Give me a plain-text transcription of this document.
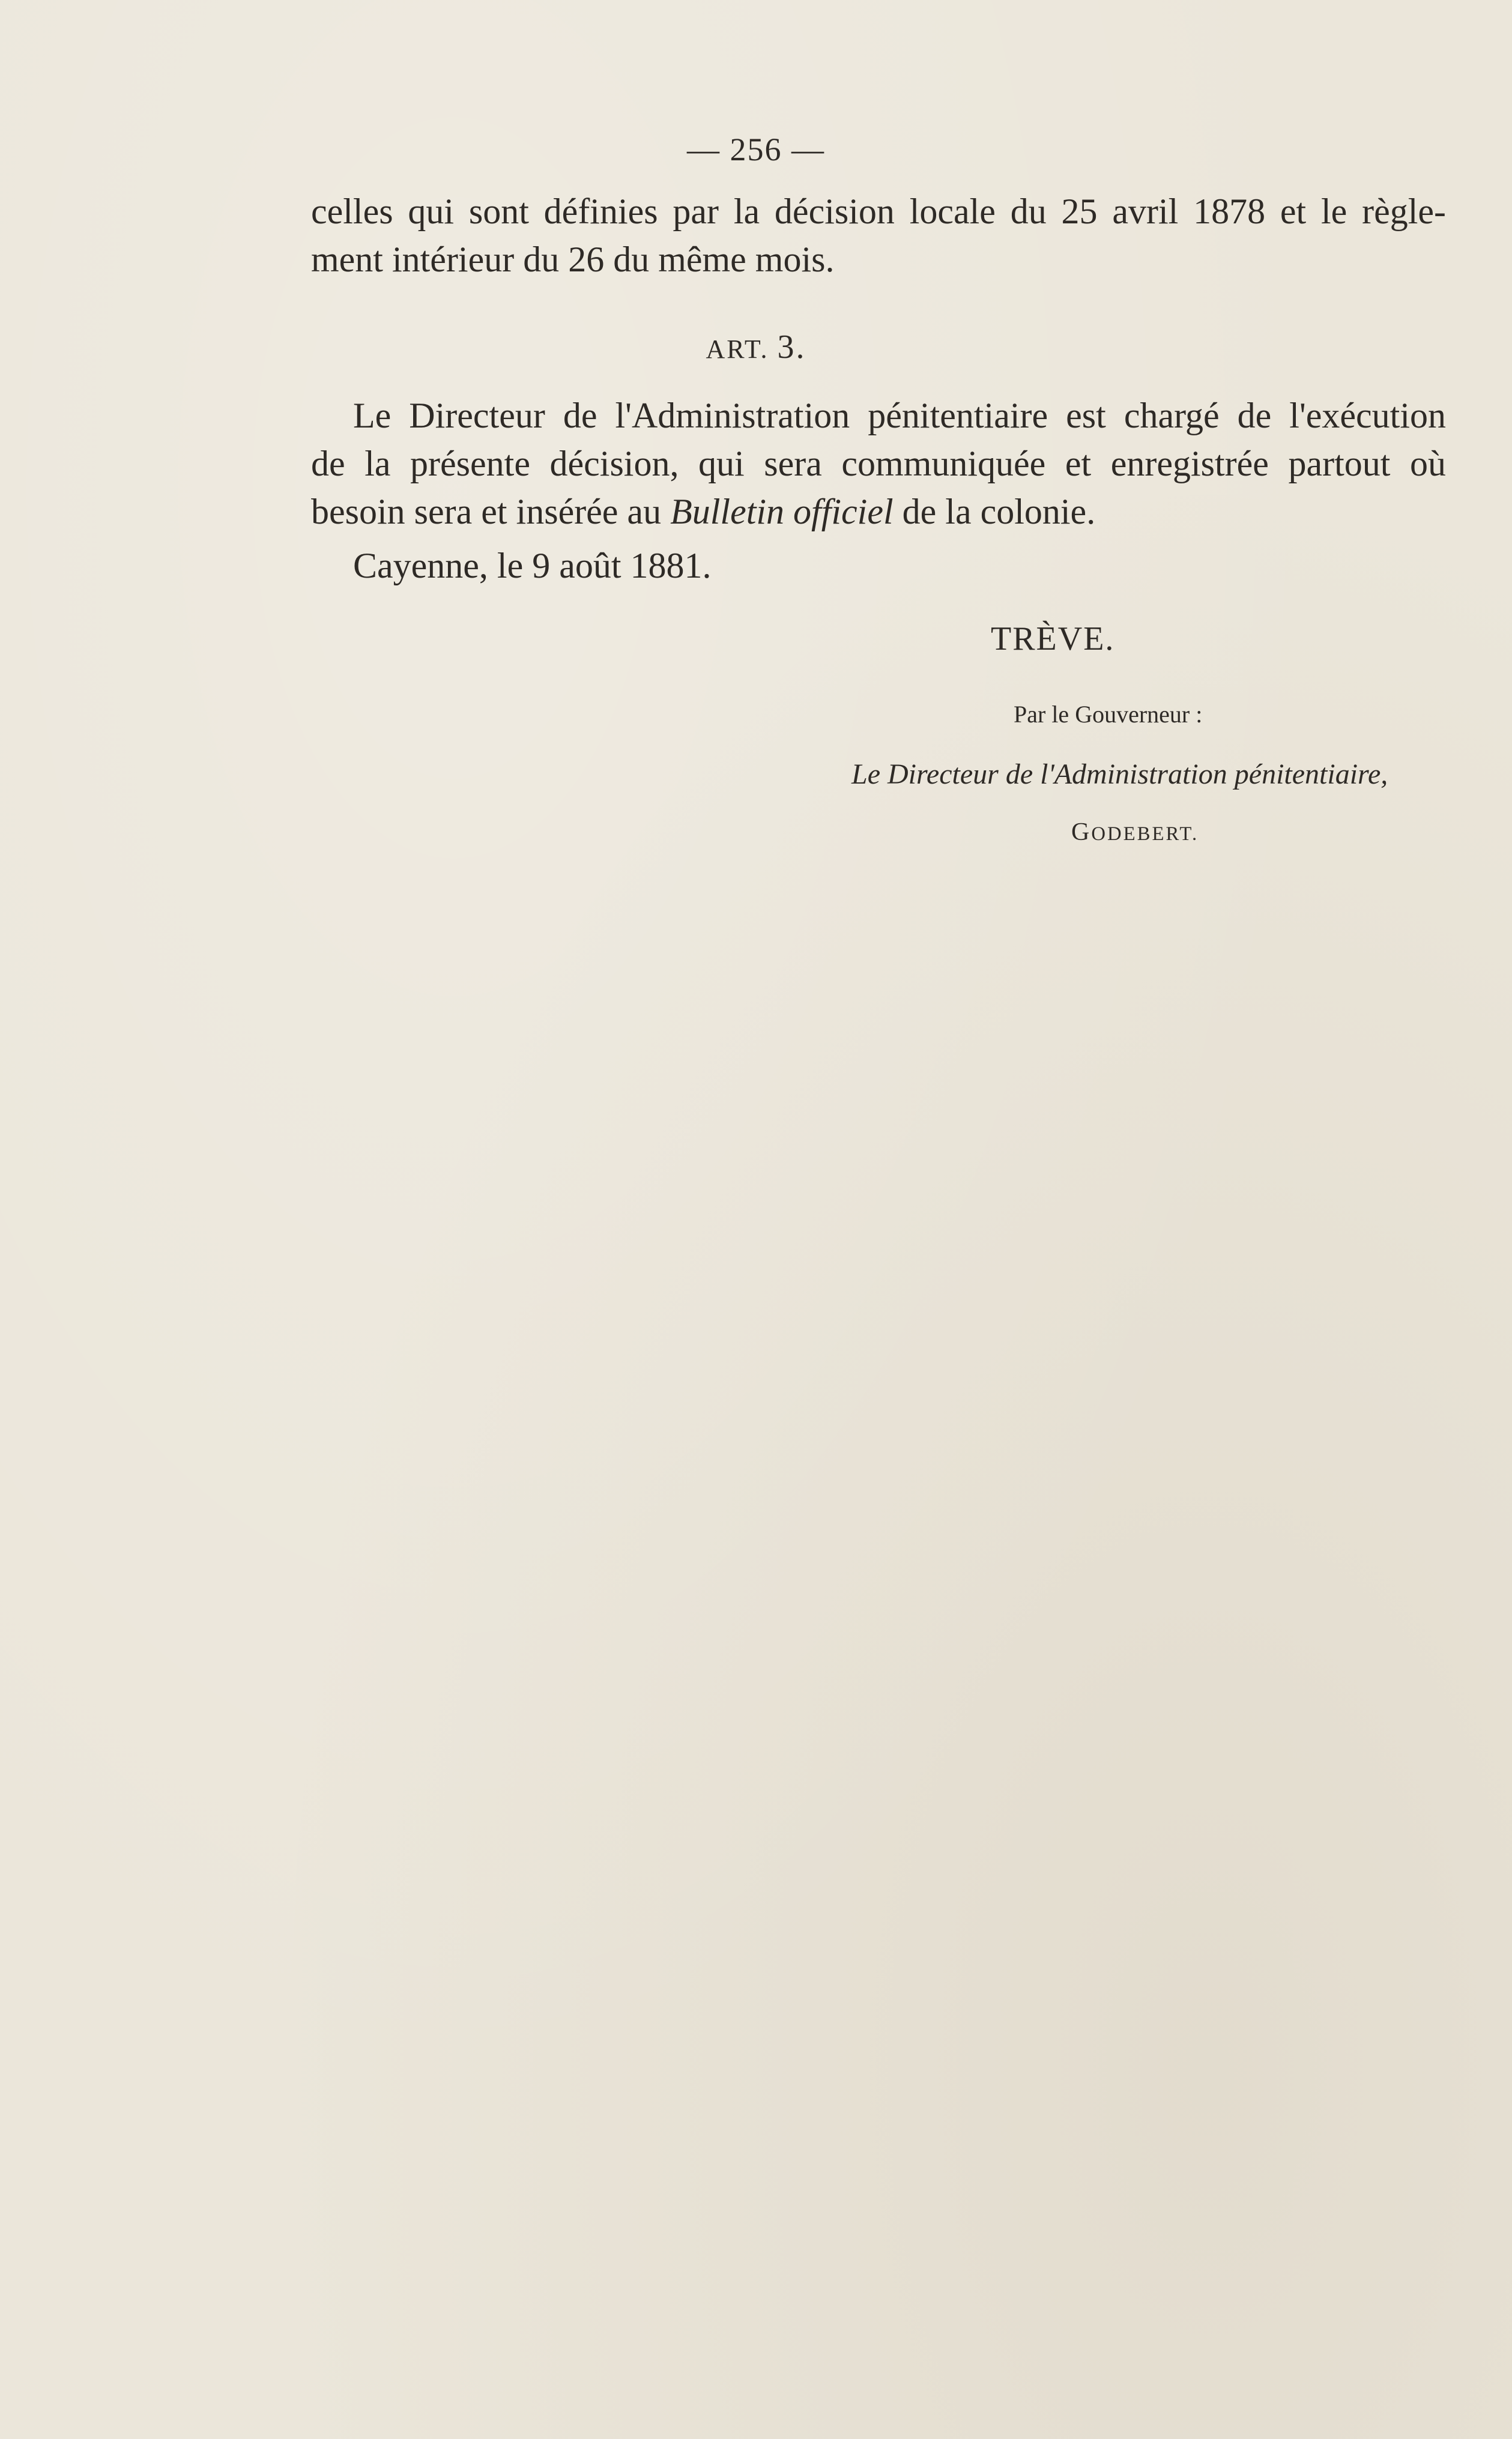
— 256 —
celles qui sont définies par la décision locale du 25 avril 1878 et le règle-
ment intérieur du 26 du même mois.
ART. 3.
Le Directeur de l'Administration pénitentiaire est chargé de l'exécution
de la présente décision, qui sera communiquée et enregistrée partout où
besoin sera et insérée au Bulletin officiel de la colonie.
Cayenne, le 9 août 1881.
TRÈVE.
Par le Gouverneur :
Le Directeur de l'Administration pénitentiaire,
GODEBERT.
